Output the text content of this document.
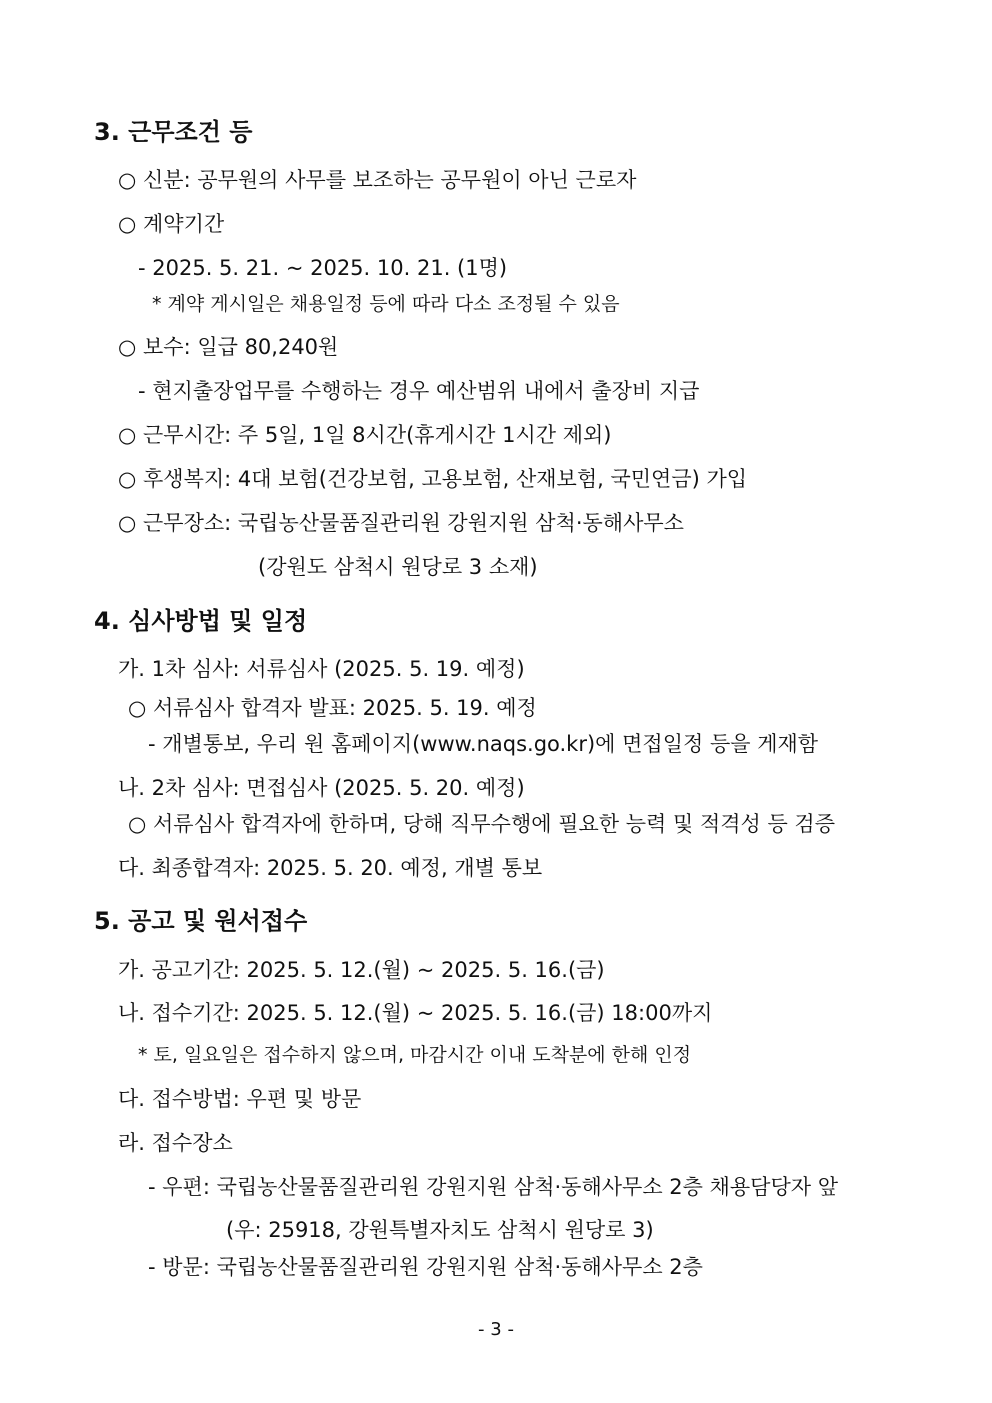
3. 근무조건 등
○ 신분: 공무원의 사무를 보조하는 공무원이 아닌 근로자
○ 계약기간
- 2025. 5. 21. ~ 2025. 10. 21. (1명)
* 계약 게시일은 채용일정 등에 따라 다소 조정될 수 있음
○ 보수: 일급 80,240원
- 현지출장업무를 수행하는 경우 예산범위 내에서 출장비 지급
○ 근무시간: 주 5일, 1일 8시간(휴게시간 1시간 제외)
○ 후생복지: 4대 보험(건강보험, 고용보험, 산재보험, 국민연금) 가입
○ 근무장소: 국립농산물품질관리원 강원지원 삼척·동해사무소
(강원도 삼척시 원당로 3 소재)
4. 심사방법 및 일정
가. 1차 심사: 서류심사 (2025. 5. 19. 예정)
○ 서류심사 합격자 발표: 2025. 5. 19. 예정
- 개별통보, 우리 원 홈페이지(www.naqs.go.kr)에 면접일정 등을 게재함
나. 2차 심사: 면접심사 (2025. 5. 20. 예정)
○ 서류심사 합격자에 한하며, 당해 직무수행에 필요한 능력 및 적격성 등 검증
다. 최종합격자: 2025. 5. 20. 예정, 개별 통보
5. 공고 및 원서접수
가. 공고기간: 2025. 5. 12.(월) ~ 2025. 5. 16.(금)
나. 접수기간: 2025. 5. 12.(월) ~ 2025. 5. 16.(금) 18:00까지
* 토, 일요일은 접수하지 않으며, 마감시간 이내 도착분에 한해 인정
다. 접수방법: 우편 및 방문
라. 접수장소
- 우편: 국립농산물품질관리원 강원지원 삼척·동해사무소 2층 채용담당자 앞
(우: 25918, 강원특별자치도 삼척시 원당로 3)
- 방문: 국립농산물품질관리원 강원지원 삼척·동해사무소 2층
- 3 -
